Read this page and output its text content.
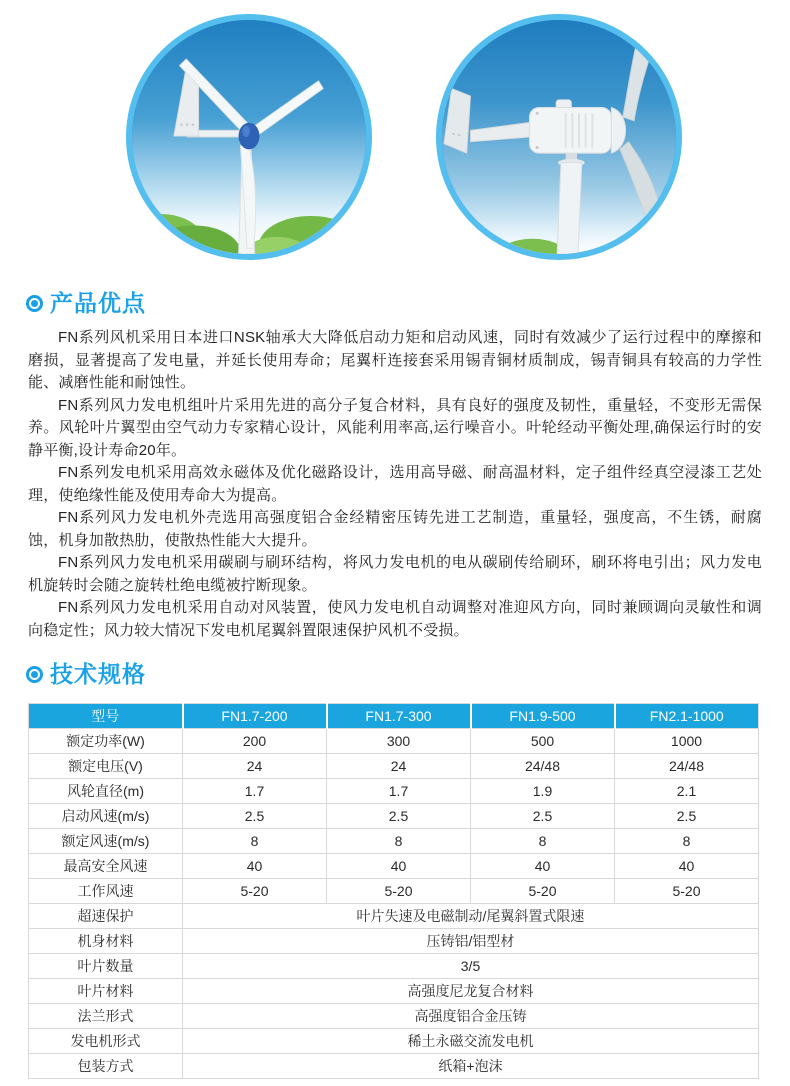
产品优点

FN系列风机采用日本进口NSK轴承大大降低启动力矩和启动风速，同时有效减少了运行过程中的摩擦和磨损，显著提高了发电量，并延长使用寿命；尾翼杆连接套采用锡青铜材质制成，锡青铜具有较高的力学性能、减磨性能和耐蚀性。

FN系列风力发电机组叶片采用先进的高分子复合材料，具有良好的强度及韧性，重量轻，不变形无需保养。风轮叶片翼型由空气动力专家精心设计，风能利用率高,运行噪音小。叶轮经动平衡处理,确保运行时的安静平衡,设计寿命20年。

FN系列发电机采用高效永磁体及优化磁路设计，选用高导磁、耐高温材料，定子组件经真空浸漆工艺处理，使绝缘性能及使用寿命大为提高。

FN系列风力发电机外壳选用高强度铝合金经精密压铸先进工艺制造，重量轻，强度高，不生锈，耐腐蚀，机身加散热肋，使散热性能大大提升。

FN系列风力发电机采用碳刷与刷环结构，将风力发电机的电从碳刷传给刷环，刷环将电引出；风力发电机旋转时会随之旋转杜绝电缆被拧断现象。

FN系列风力发电机采用自动对风装置，使风力发电机自动调整对准迎风方向，同时兼顾调向灵敏性和调向稳定性；风力较大情况下发电机尾翼斜置限速保护风机不受损。

技术规格
型号	FN1.7-200	FN1.7-300	FN1.9-500	FN2.1-1000
额定功率(W)	200	300	500	1000
额定电压(V)	24	24	24/48	24/48
风轮直径(m)	1.7	1.7	1.9	2.1
启动风速(m/s)	2.5	2.5	2.5	2.5
额定风速(m/s)	8	8	8	8
最高安全风速	40	40	40	40
工作风速	5-20	5-20	5-20	5-20
超速保护	叶片失速及电磁制动/尾翼斜置式限速			
机身材料	压铸铝/铝型材			
叶片数量	3/5			
叶片材料	高强度尼龙复合材料			
法兰形式	高强度铝合金压铸			
发电机形式	稀土永磁交流发电机			
包装方式	纸箱+泡沫			
